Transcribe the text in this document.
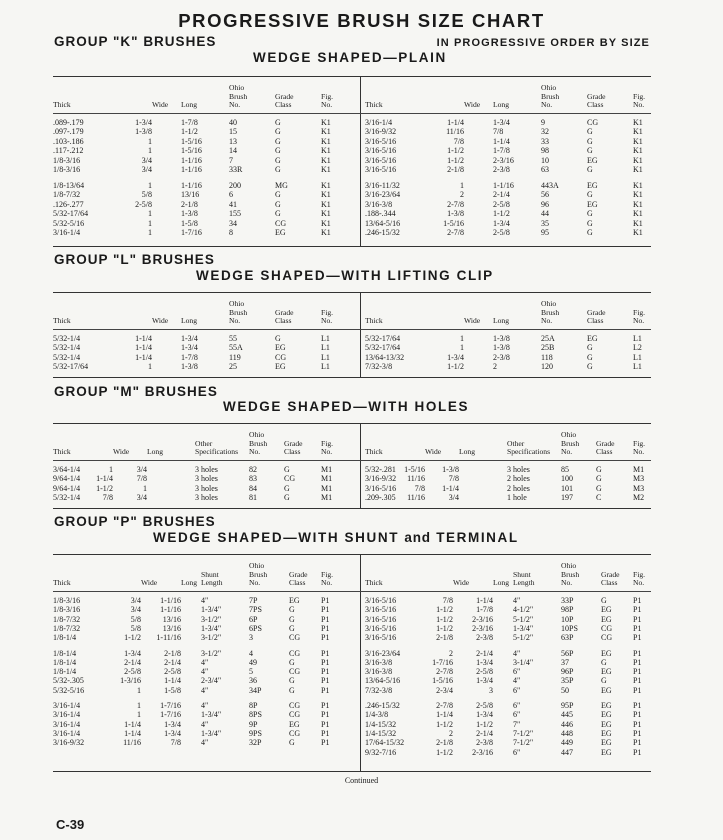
PROGRESSIVE BRUSH SIZE CHART
GROUP "K" BRUSHES	IN PROGRESSIVE ORDER BY SIZE
WEDGE SHAPED—PLAIN
Thick	Wide Long
Ohio
Brush
No.
Grade
Class
Fig.
No.
.089-.179	1-3/4	1-7/8	40	G	K1
.097-.179	1-3/8	1-1/2	15	G	K1
.103-.186	1	1-5/16	13	G	K1
.117-.212	1	1-5/16	14	G	K1
1/8-3/16	3/4	1-1/16	7	G	K1
1/8-3/16	3/4	1-1/16	33R	G	K1
1/8-13/64	1	1-1/16	200	MG	K1
1/8-7/32	5/8	13/16	6	G	K1
.126-.277	2-5/8	2-1/8	41	G	K1
5/32-17/64	1	1-3/8	155	G	K1
5/32-5/16	1	1-5/8	34	CG	K1
3/16-1/4	1	1-7/16	8	EG	K1
Thick	Wide Long
Ohio
Brush
No.
Grade
Class
Fig.
No.
3/16-1/4	1-1/4	1-3/4	9	CG	K1
3/16-9/32	11/16	7/8	32	G	K1
3/16-5/16	7/8	1-1/4	33	G	K1
3/16-5/16	1-1/2	1-7/8	98	G	K1
3/16-5/16	1-1/2	2-3/16	10	EG	K1
3/16-5/16	2-1/8	2-3/8	63	G	K1
3/16-11/32	1	1-1/16	443A	EG	K1
3/16-23/64	2	2-1/4	56	G	K1
3/16-3/8	2-7/8	2-5/8	96	EG	K1
.188-.344	1-3/8	1-1/2	44	G	K1
13/64-5/16	1-5/16	1-3/4	35	G	K1
.246-15/32	2-7/8	2-5/8	95	G	K1
GROUP "L" BRUSHES
WEDGE SHAPED—WITH LIFTING CLIP
Thick	Wide Long
Ohio
Brush
No.
Grade
Class
Fig.
No.
5/32-1/4	1-1/4	1-3/4	55	G	L1
5/32-1/4	1-1/4	1-3/4	55A	EG	L1
5/32-1/4	1-1/4	1-7/8	119	CG	L1
5/32-17/64	1	1-3/8	25	EG	L1
Thick	Wide Long
Ohio
Brush
No.
Grade
Class
Fig.
No.
5/32-17/64	1	1-3/8	25A	EG	L1
5/32-17/64	1	1-3/8	25B	G	L2
13/64-13/32	1-3/4	2-3/8	118	G	L1
7/32-3/8	1-1/2	2	120	G	L1
GROUP "M" BRUSHES
WEDGE SHAPED—WITH HOLES
Thick	Wide Long
Other
Specifications
Ohio
Brush
No.
Grade
Class
Fig.
No.
3/64-1/4	1	3/4	3 holes	82	G	M1
9/64-1/4	1-1/4	7/8	3 holes	83	CG	M1
9/64-1/4	1-1/2	1	3 holes	84	G	M1
5/32-1/4	7/8	3/4	3 holes	81	G	M1
Thick	Wide Long
Other
Specifications
Ohio
Brush
No.
Grade
Class
Fig.
No.
5/32-.281	1-5/16	1-3/8	3 holes	85	G	M1
3/16-9/32	11/16	7/8	2 holes	100	G	M3
3/16-5/16	7/8	1-1/4	2 holes	101	G	M3
.209-.305	11/16	3/4	1 hole	197	C	M2
GROUP "P" BRUSHES
WEDGE SHAPED—WITH SHUNT and TERMINAL
Thick	Wide	Long
Shunt
Length
Ohio
Brush
No.
Grade
Class
Fig.
No.
1/8-3/16	3/4	1-1/16	4"	7P	EG	P1
1/8-3/16	3/4	1-1/16	1-3/4"	7PS	G	P1
1/8-7/32	5/8	13/16	3-1/2"	6P	G	P1
1/8-7/32	5/8	13/16	1-3/4"	6PS	G	P1
1/8-1/4	1-1/2	1-11/16	3-1/2"	3	CG	P1
1/8-1/4	1-3/4	2-1/8	3-1/2"	4	CG	P1
1/8-1/4	2-1/4	2-1/4	4"	49	G	P1
1/8-1/4	2-5/8	2-5/8	4"	5	CG	P1
5/32-.305	1-3/16	1-1/4	2-3/4"	36	G	P1
5/32-5/16	1	1-5/8	4"	34P	G	P1
3/16-1/4	1	1-7/16	4"	8P	CG	P1
3/16-1/4	1	1-7/16	1-3/4"	8PS	CG	P1
3/16-1/4	1-1/4	1-3/4	4"	9P	EG	P1
3/16-1/4	1-1/4	1-3/4	1-3/4"	9PS	CG	P1
3/16-9/32	11/16	7/8	4"	32P	G	P1
Thick	Wide	Long
Shunt
Length
Ohio
Brush
No.
Grade
Class
Fig.
No.
3/16-5/16	7/8	1-1/4	4"	33P	G	P1
3/16-5/16	1-1/2	1-7/8	4-1/2"	98P	EG	P1
3/16-5/16	1-1/2	2-3/16	5-1/2"	10P	EG	P1
3/16-5/16	1-1/2	2-3/16	1-3/4"	10PS	CG	P1
3/16-5/16	2-1/8	2-3/8	5-1/2"	63P	CG	P1
3/16-23/64	2	2-1/4	4"	56P	EG	P1
3/16-3/8	1-7/16	1-3/4	3-1/4"	37	G	P1
3/16-3/8	2-7/8	2-5/8	6"	96P	EG	P1
13/64-5/16	1-5/16	1-3/4	4"	35P	G	P1
7/32-3/8	2-3/4	3	6"	50	EG	P1
.246-15/32	2-7/8	2-5/8	6"	95P	EG	P1
1/4-3/8	1-1/4	1-3/4	6"	445	EG	P1
1/4-15/32	1-1/2	1-1/2	7"	446	EG	P1
1/4-15/32	2	2-1/4	7-1/2"	448	EG	P1
17/64-15/32	2-1/8	2-3/8	7-1/2"	449	EG	P1
9/32-7/16	1-1/2	2-3/16	6"	447	EG	P1
Continued
C-39
